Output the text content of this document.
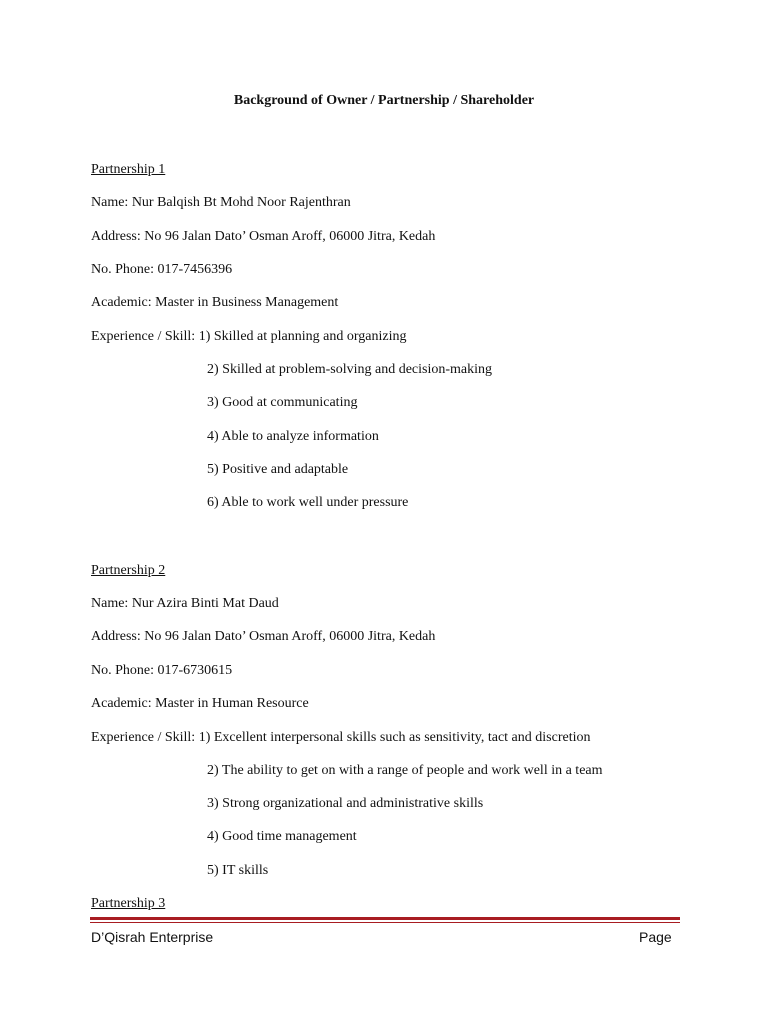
Background of Owner / Partnership / Shareholder
Partnership 1
Name: Nur Balqish Bt Mohd Noor Rajenthran
Address: No 96 Jalan Dato’ Osman Aroff, 06000 Jitra, Kedah
No. Phone: 017-7456396
Academic: Master in Business Management
Experience / Skill: 1) Skilled at planning and organizing
2) Skilled at problem-solving and decision-making
3) Good at communicating
4) Able to analyze information
5) Positive and adaptable
6) Able to work well under pressure
Partnership 2
Name: Nur Azira Binti Mat Daud
Address: No 96 Jalan Dato’ Osman Aroff, 06000 Jitra, Kedah
No. Phone: 017-6730615
Academic: Master in Human Resource
Experience / Skill: 1) Excellent interpersonal skills such as sensitivity, tact and discretion
2) The ability to get on with a range of people and work well in a team
3) Strong organizational and administrative skills
4) Good time management
5) IT skills
Partnership 3
D’Qisrah Enterprise	Page
